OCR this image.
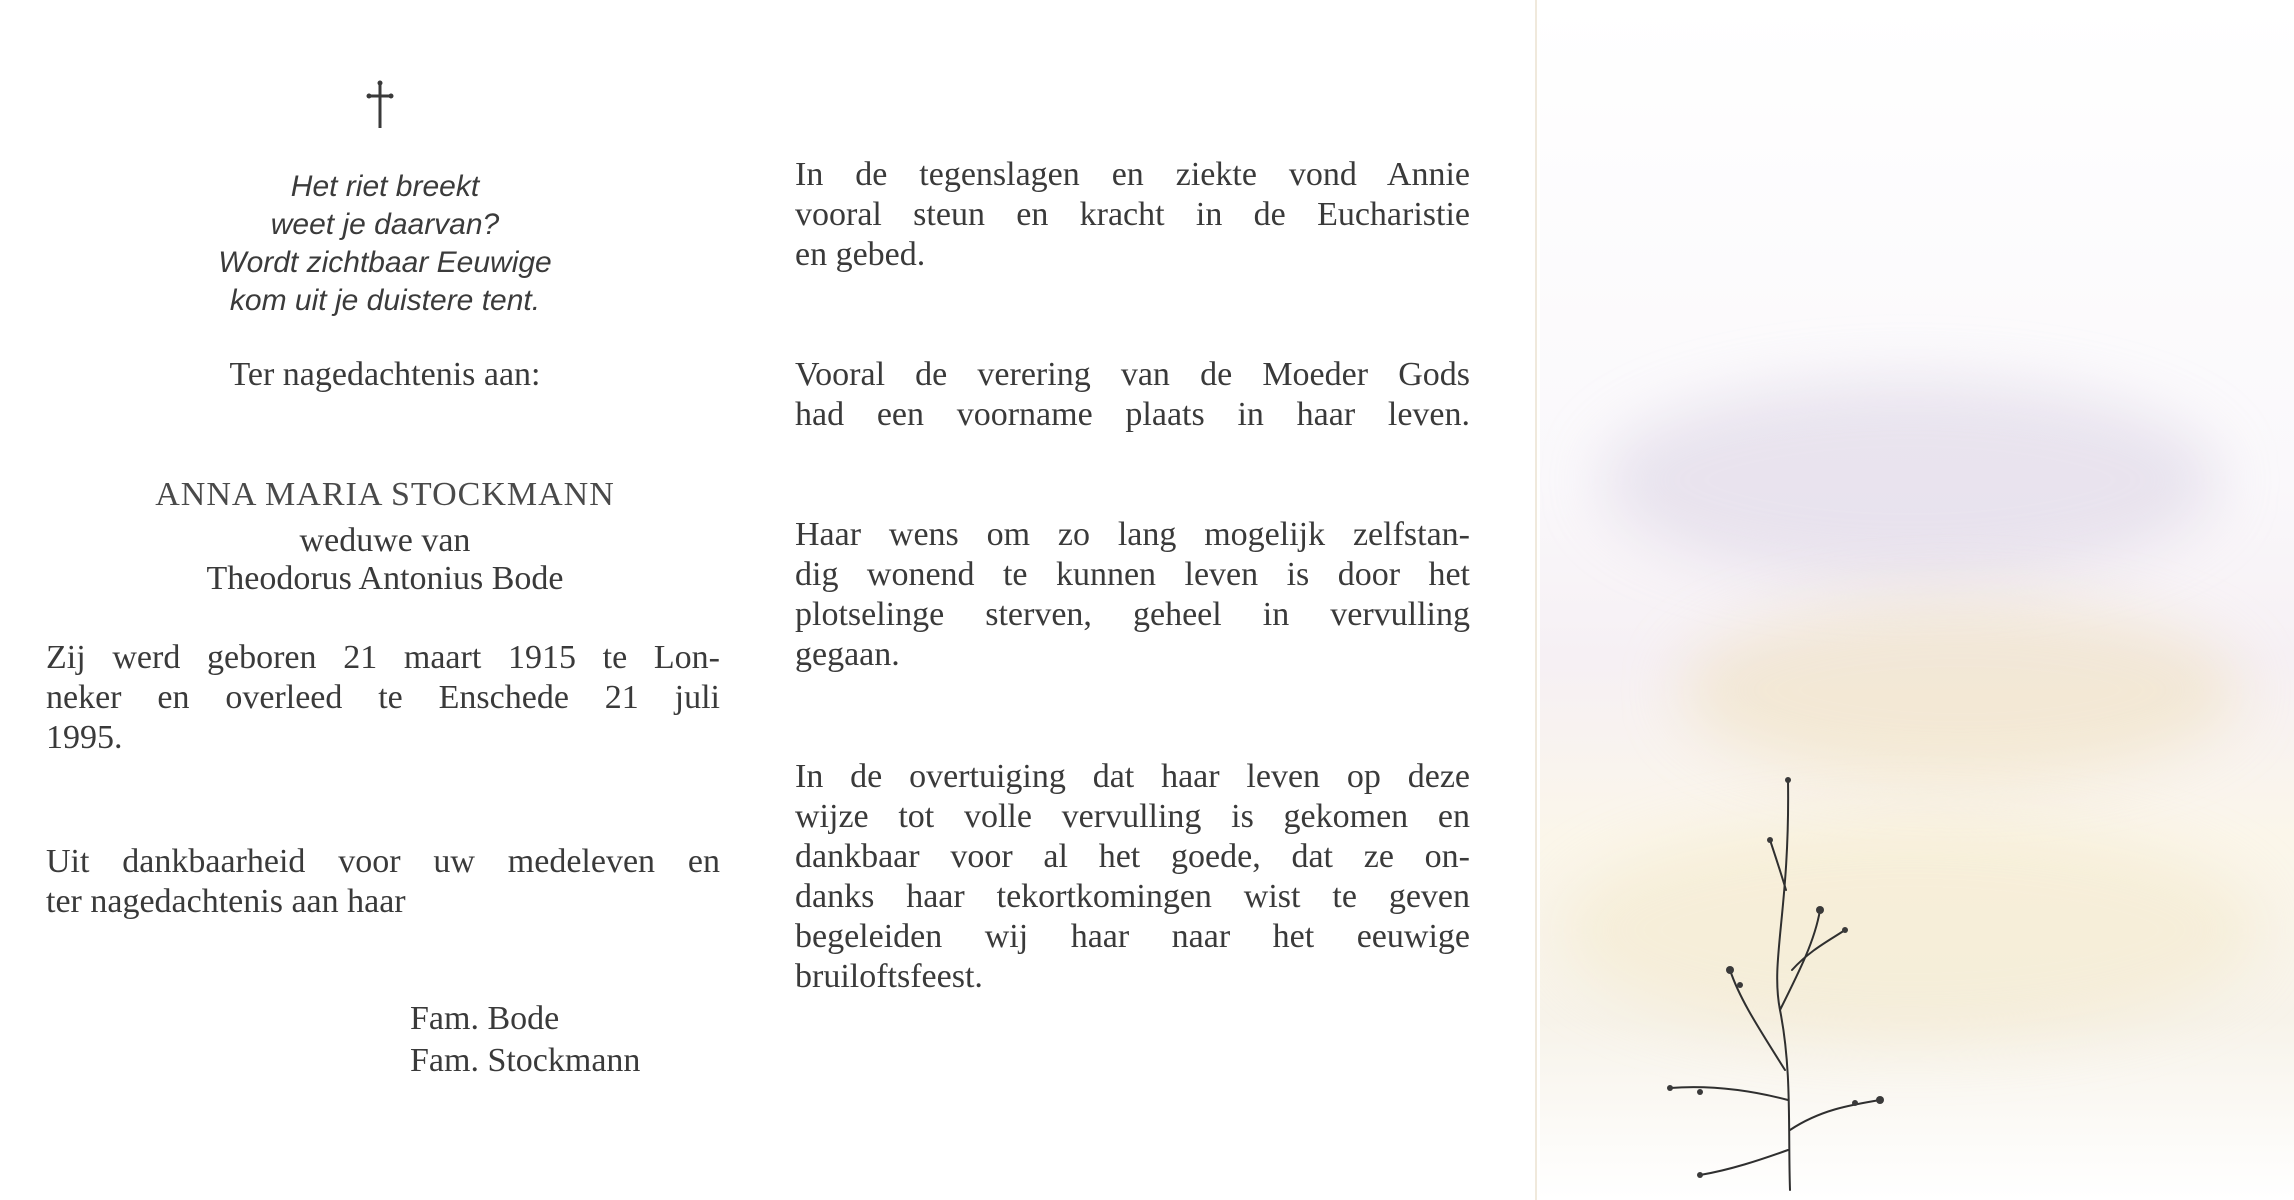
Het riet breekt
weet je daarvan?
Wordt zichtbaar Eeuwige
kom uit je duistere tent.
Ter nagedachtenis aan:
ANNA MARIA STOCKMANN
weduwe van
Theodorus Antonius Bode
Zij werd geboren 21 maart 1915 te Lon-
neker en overleed te Enschede 21 juli
1995.
Uit dankbaarheid voor uw medeleven en
ter nagedachtenis aan haar
Fam. Bode
Fam. Stockmann
In de tegenslagen en ziekte vond Annie
vooral steun en kracht in de Eucharistie
en gebed.
Vooral de verering van de Moeder Gods
had een voorname plaats in haar leven.
Haar wens om zo lang mogelijk zelfstan-
dig wonend te kunnen leven is door het
plotselinge sterven, geheel in vervulling
gegaan.
In de overtuiging dat haar leven op deze
wijze tot volle vervulling is gekomen en
dankbaar voor al het goede, dat ze on-
danks haar tekortkomingen wist te geven
begeleiden wij haar naar het eeuwige
bruiloftsfeest.
